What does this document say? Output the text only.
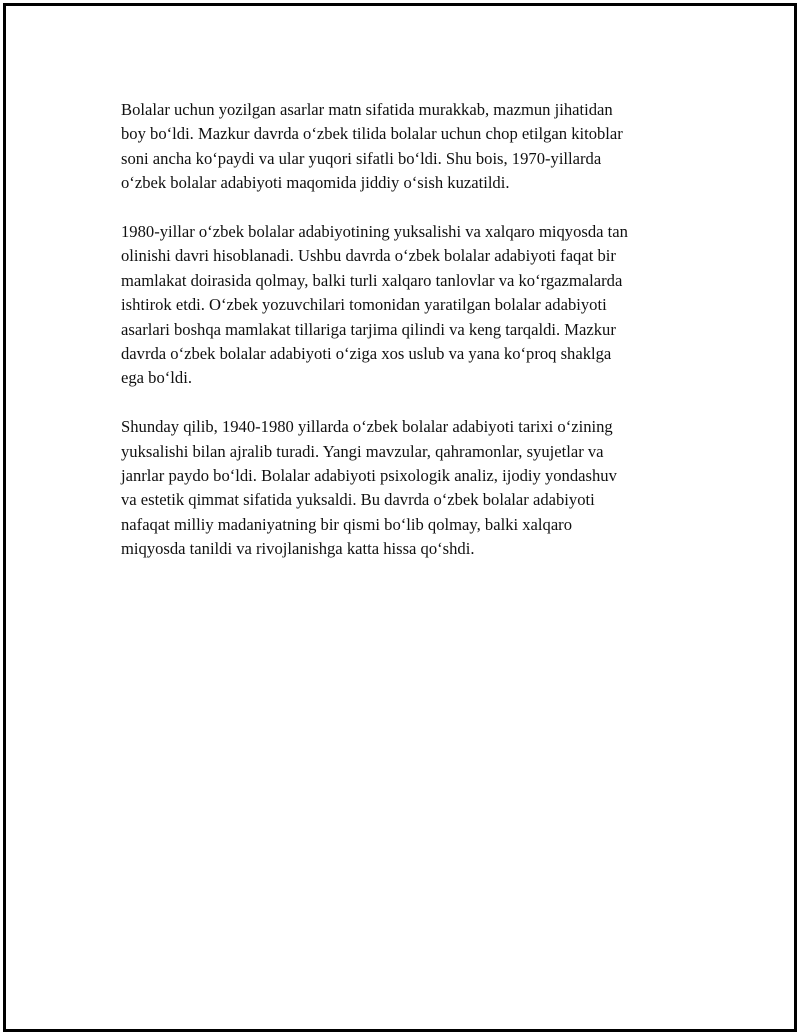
Bolalar uchun yozilgan asarlar matn sifatida murakkab, mazmun jihatidan
boy bo‘ldi. Mazkur davrda o‘zbek tilida bolalar uchun chop etilgan kitoblar
soni ancha ko‘paydi va ular yuqori sifatli bo‘ldi. Shu bois, 1970-yillarda
o‘zbek bolalar adabiyoti maqomida jiddiy o‘sish kuzatildi.

1980-yillar o‘zbek bolalar adabiyotining yuksalishi va xalqaro miqyosda tan
olinishi davri hisoblanadi. Ushbu davrda o‘zbek bolalar adabiyoti faqat bir
mamlakat doirasida qolmay, balki turli xalqaro tanlovlar va ko‘rgazmalarda
ishtirok etdi. O‘zbek yozuvchilari tomonidan yaratilgan bolalar adabiyoti
asarlari boshqa mamlakat tillariga tarjima qilindi va keng tarqaldi. Mazkur
davrda o‘zbek bolalar adabiyoti o‘ziga xos uslub va yana ko‘proq shaklga
ega bo‘ldi.

Shunday qilib, 1940-1980 yillarda o‘zbek bolalar adabiyoti tarixi o‘zining
yuksalishi bilan ajralib turadi. Yangi mavzular, qahramonlar, syujetlar va
janrlar paydo bo‘ldi. Bolalar adabiyoti psixologik analiz, ijodiy yondashuv
va estetik qimmat sifatida yuksaldi. Bu davrda o‘zbek bolalar adabiyoti
nafaqat milliy madaniyatning bir qismi bo‘lib qolmay, balki xalqaro
miqyosda tanildi va rivojlanishga katta hissa qo‘shdi.
